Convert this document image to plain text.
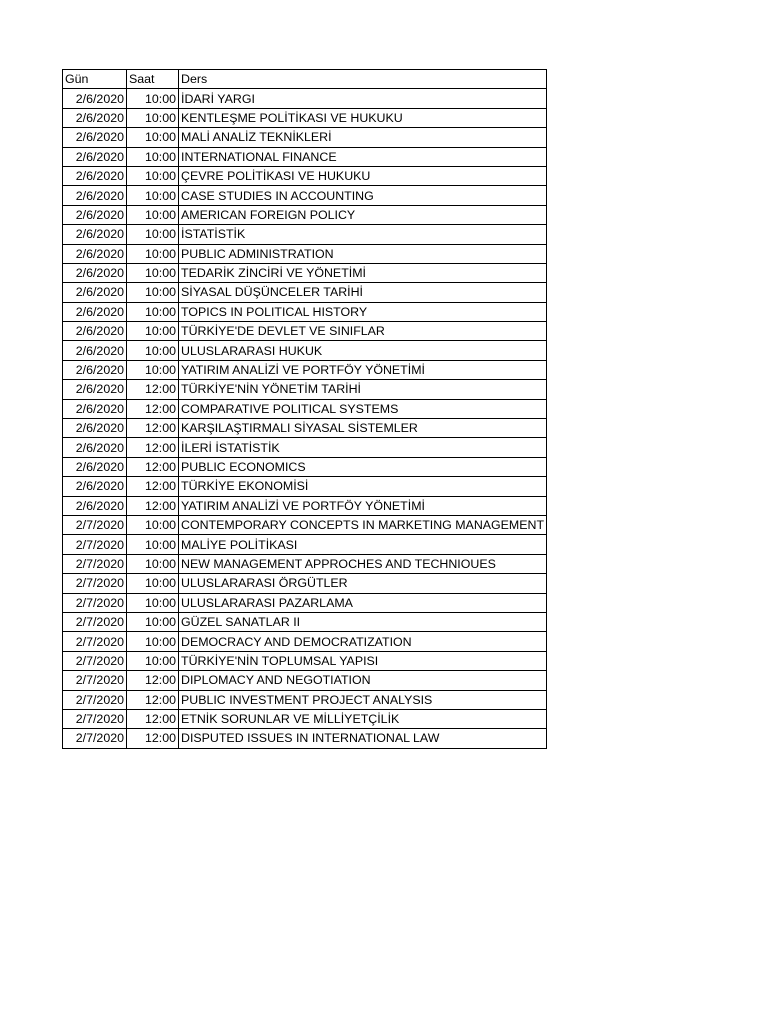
Gün	Saat	Ders
2/6/2020	10:00	İDARİ YARGI
2/6/2020	10:00	KENTLEŞME POLİTİKASI VE HUKUKU
2/6/2020	10:00	MALİ ANALİZ TEKNİKLERİ
2/6/2020	10:00	INTERNATIONAL FINANCE
2/6/2020	10:00	ÇEVRE POLİTİKASI VE HUKUKU
2/6/2020	10:00	CASE STUDIES IN ACCOUNTING
2/6/2020	10:00	AMERICAN FOREIGN POLICY
2/6/2020	10:00	İSTATİSTİK
2/6/2020	10:00	PUBLIC ADMINISTRATION
2/6/2020	10:00	TEDARİK ZİNCİRİ VE YÖNETİMİ
2/6/2020	10:00	SİYASAL DÜŞÜNCELER TARİHİ
2/6/2020	10:00	TOPICS IN POLITICAL HISTORY
2/6/2020	10:00	TÜRKİYE'DE DEVLET VE SINIFLAR
2/6/2020	10:00	ULUSLARARASI HUKUK
2/6/2020	10:00	YATIRIM ANALİZİ VE PORTFÖY YÖNETİMİ
2/6/2020	12:00	TÜRKİYE'NİN YÖNETİM TARİHİ
2/6/2020	12:00	COMPARATIVE POLITICAL SYSTEMS
2/6/2020	12:00	KARŞILAŞTIRMALI SİYASAL SİSTEMLER
2/6/2020	12:00	İLERİ İSTATİSTİK
2/6/2020	12:00	PUBLIC ECONOMICS
2/6/2020	12:00	TÜRKİYE EKONOMİSİ
2/6/2020	12:00	YATIRIM ANALİZİ VE PORTFÖY YÖNETİMİ
2/7/2020	10:00	CONTEMPORARY CONCEPTS IN MARKETING MANAGEMENT
2/7/2020	10:00	MALİYE POLİTİKASI
2/7/2020	10:00	NEW MANAGEMENT APPROCHES AND TECHNIOUES
2/7/2020	10:00	ULUSLARARASI ÖRGÜTLER
2/7/2020	10:00	ULUSLARARASI PAZARLAMA
2/7/2020	10:00	GÜZEL SANATLAR II
2/7/2020	10:00	DEMOCRACY AND DEMOCRATIZATION
2/7/2020	10:00	TÜRKİYE'NİN TOPLUMSAL YAPISI
2/7/2020	12:00	DIPLOMACY AND NEGOTIATION
2/7/2020	12:00	PUBLIC INVESTMENT PROJECT ANALYSIS
2/7/2020	12:00	ETNİK SORUNLAR VE MİLLİYETÇİLİK
2/7/2020	12:00	DISPUTED ISSUES IN INTERNATIONAL LAW
